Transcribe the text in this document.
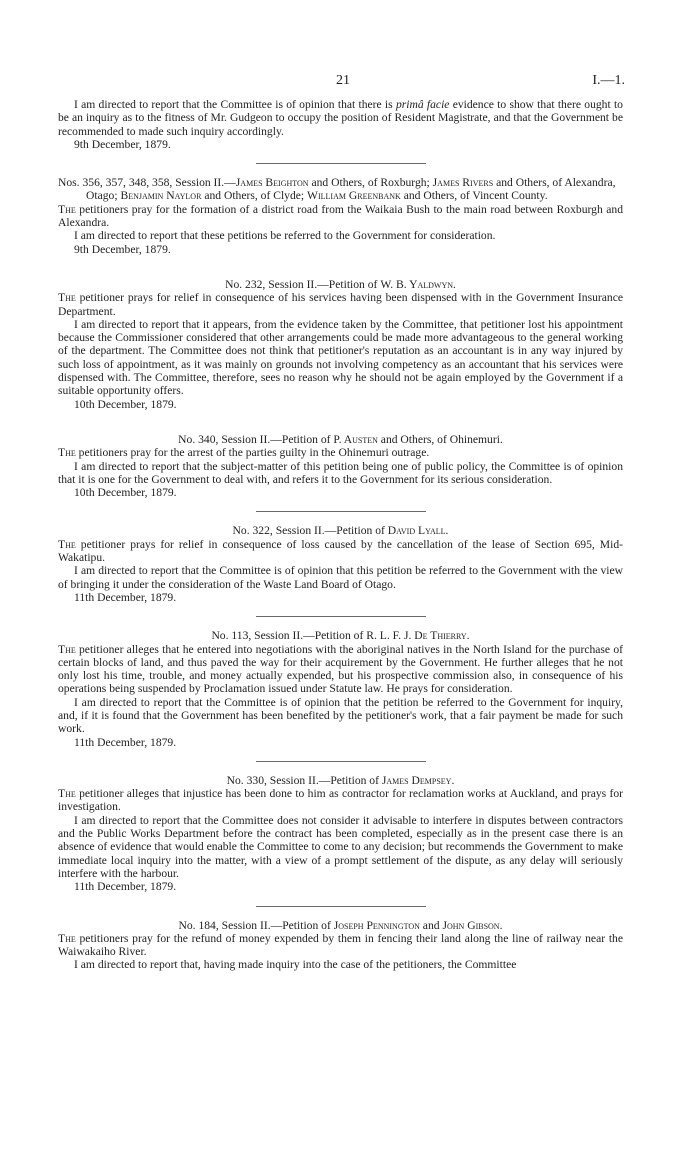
21	I.—1.

I am directed to report that the Committee is of opinion that there is primâ facie evidence to show that there ought to be an inquiry as to the fitness of Mr. Gudgeon to occupy the position of Resident Magistrate, and that the Government be recommended to made such inquiry accordingly.

9th December, 1879.

Nos. 356, 357, 348, 358, Session II.—James Beighton and Others, of Roxburgh; James Rivers and Others, of Alexandra, Otago; Benjamin Naylor and Others, of Clyde; William Greenbank and Others, of Vincent County.

The petitioners pray for the formation of a district road from the Waikaia Bush to the main road between Roxburgh and Alexandra.

I am directed to report that these petitions be referred to the Government for consideration.

9th December, 1879.

No. 232, Session II.—Petition of W. B. Yaldwyn.

The petitioner prays for relief in consequence of his services having been dispensed with in the Government Insurance Department.

I am directed to report that it appears, from the evidence taken by the Committee, that petitioner lost his appointment because the Commissioner considered that other arrangements could be made more advantageous to the general working of the department. The Committee does not think that petitioner's reputation as an accountant is in any way injured by such loss of appointment, as it was mainly on grounds not involving competency as an accountant that his services were dispensed with. The Committee, therefore, sees no reason why he should not be again employed by the Government if a suitable opportunity offers.

10th December, 1879.

No. 340, Session II.—Petition of P. Austen and Others, of Ohinemuri.

The petitioners pray for the arrest of the parties guilty in the Ohinemuri outrage.

I am directed to report that the subject-matter of this petition being one of public policy, the Committee is of opinion that it is one for the Government to deal with, and refers it to the Government for its serious consideration.

10th December, 1879.

No. 322, Session II.—Petition of David Lyall.

The petitioner prays for relief in consequence of loss caused by the cancellation of the lease of Section 695, Mid-Wakatipu.

I am directed to report that the Committee is of opinion that this petition be referred to the Government with the view of bringing it under the consideration of the Waste Land Board of Otago.

11th December, 1879.

No. 113, Session II.—Petition of R. L. F. J. De Thierry.

The petitioner alleges that he entered into negotiations with the aboriginal natives in the North Island for the purchase of certain blocks of land, and thus paved the way for their acquirement by the Government. He further alleges that he not only lost his time, trouble, and money actually expended, but his prospective commission also, in consequence of his operations being suspended by Proclamation issued under Statute law. He prays for consideration.

I am directed to report that the Committee is of opinion that the petition be referred to the Government for inquiry, and, if it is found that the Government has been benefited by the petitioner's work, that a fair payment be made for such work.

11th December, 1879.

No. 330, Session II.—Petition of James Dempsey.

The petitioner alleges that injustice has been done to him as contractor for reclamation works at Auckland, and prays for investigation.

I am directed to report that the Committee does not consider it advisable to interfere in disputes between contractors and the Public Works Department before the contract has been completed, especially as in the present case there is an absence of evidence that would enable the Committee to come to any decision; but recommends the Government to make immediate local inquiry into the matter, with a view of a prompt settlement of the dispute, as any delay will seriously interfere with the harbour.

11th December, 1879.

No. 184, Session II.—Petition of Joseph Pennington and John Gibson.

The petitioners pray for the refund of money expended by them in fencing their land along the line of railway near the Waiwakaiho River.

I am directed to report that, having made inquiry into the case of the petitioners, the Committee
